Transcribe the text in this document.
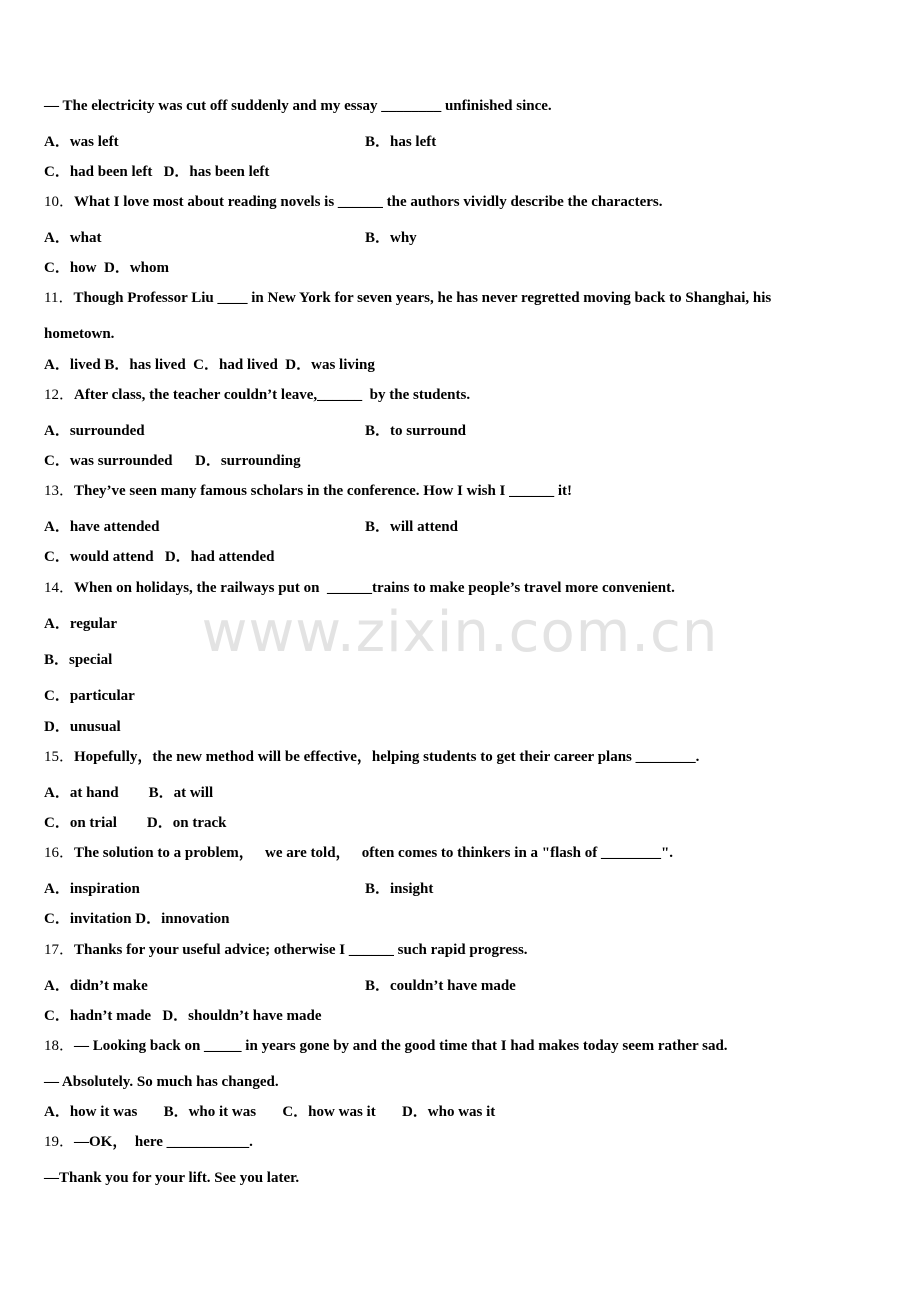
— The electricity was cut off suddenly and my essay ________ unfinished since.
A．was left	B．has left
C．had been left   D．has been left
10．What I love most about reading novels is ______ the authors vividly describe the characters.
A．what	B．why
C．how  D．whom
11．Though Professor Liu ____ in New York for seven years, he has never regretted moving back to Shanghai, his
hometown.
A．lived B．has lived  C．had lived  D．was living
12．After class, the teacher couldn’t leave,______  by the students.
A．surrounded	B．to surround
C．was surrounded      D．surrounding
13．They’ve seen many famous scholars in the conference. How I wish I ______ it!
A．have attended	B．will attend
C．would attend   D．had attended
14．When on holidays, the railways put on  ______trains to make people’s travel more convenient.
A．regular
B．special
C．particular
D．unusual
15．Hopefully，the new method will be effective，helping students to get their career plans ________.
A．at hand        B．at will
C．on trial        D．on track
16．The solution to a problem，   we are told，   often comes to thinkers in a "flash of ________".
A．inspiration	B．insight
C．invitation D．innovation
17．Thanks for your useful advice; otherwise I ______ such rapid progress.
A．didn’t make	B．couldn’t have made
C．hadn’t made   D．shouldn’t have made
18．— Looking back on _____ in years gone by and the good time that I had makes today seem rather sad.
— Absolutely. So much has changed.
A．how it was       B．who it was       C．how was it       D．who was it
19．—OK，  here ___________.
—Thank you for your lift. See you later.
www.zixin.com.cn
